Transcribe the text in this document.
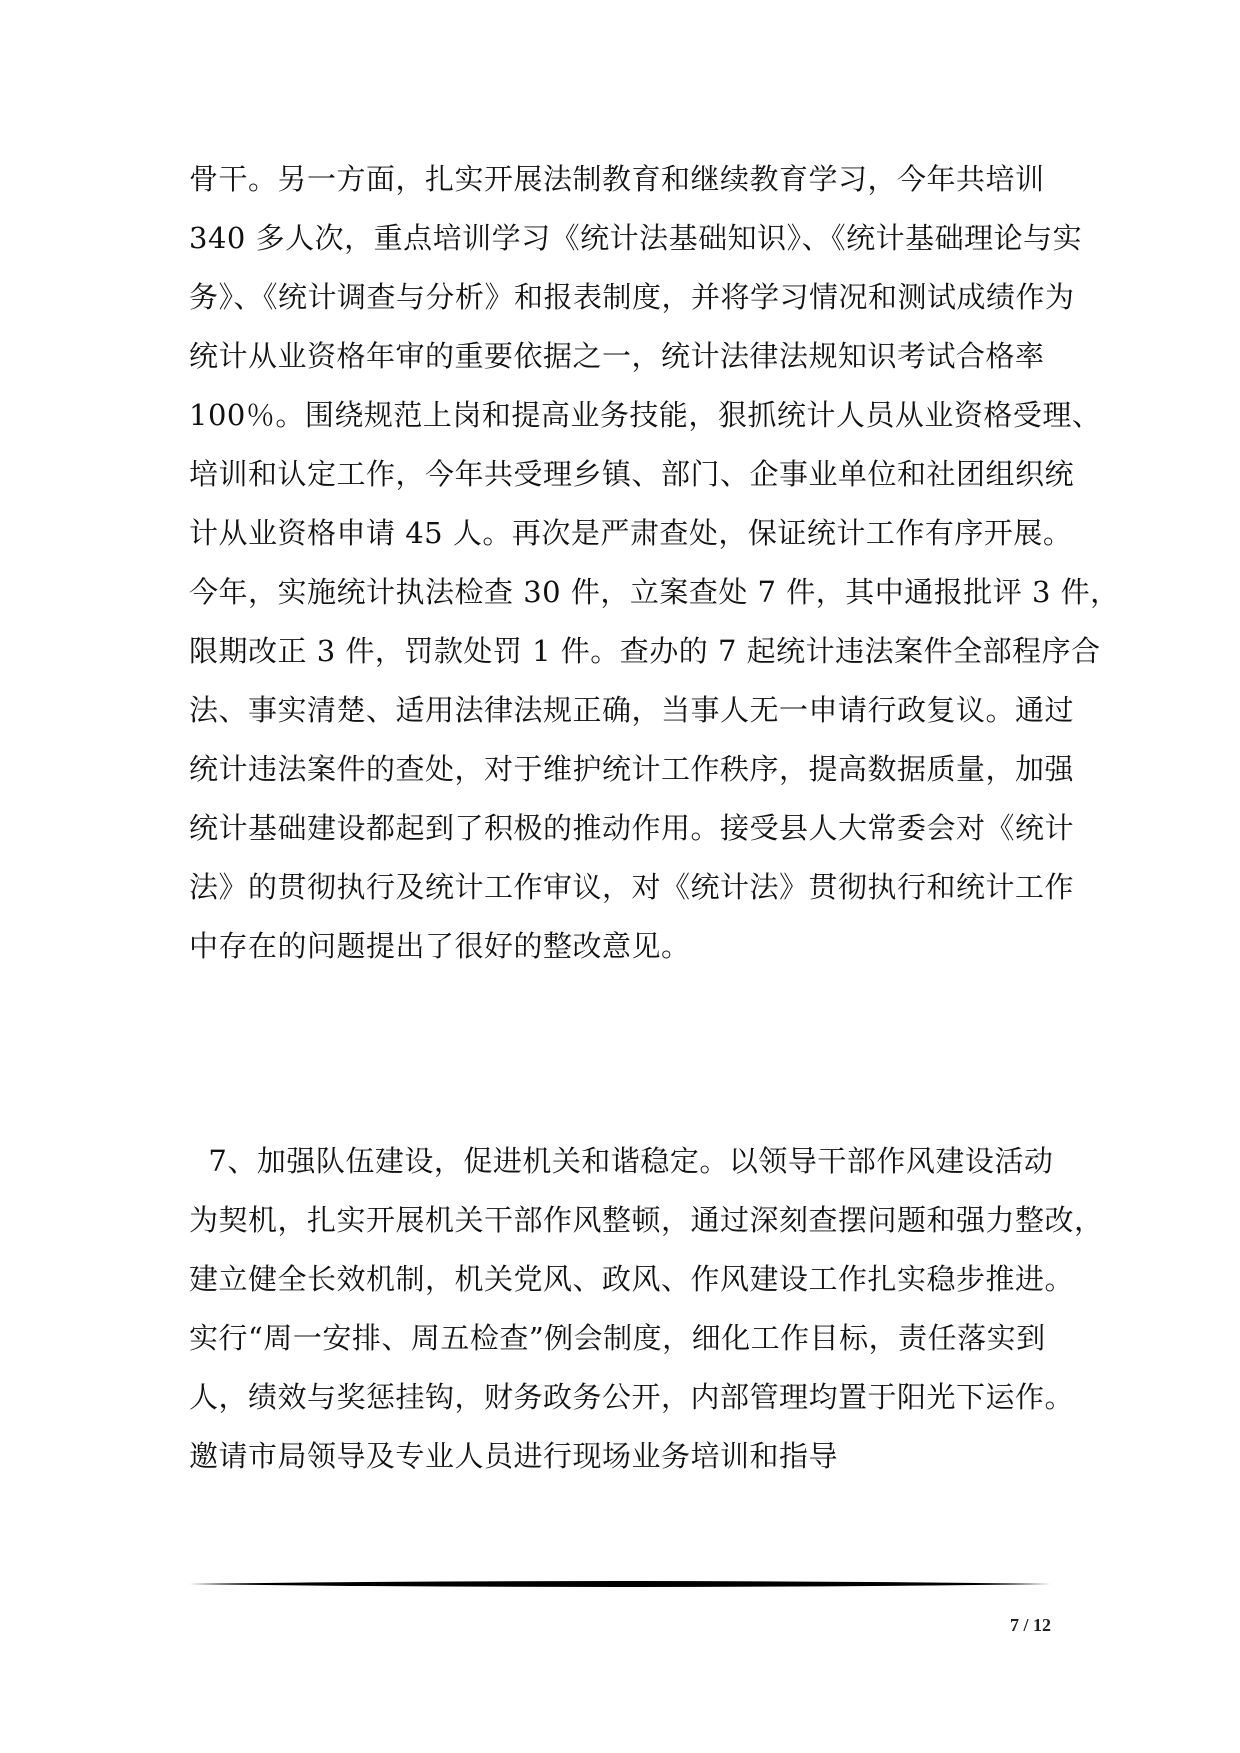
骨干。另一方面，扎实开展法制教育和继续教育学习，今年共培训
340 多人次，重点培训学习《统计法基础知识》、《统计基础理论与实
务》、《统计调查与分析》和报表制度，并将学习情况和测试成绩作为
统计从业资格年审的重要依据之一，统计法律法规知识考试合格率
100％。围绕规范上岗和提高业务技能，狠抓统计人员从业资格受理、
培训和认定工作，今年共受理乡镇、部门、企事业单位和社团组织统
计从业资格申请 45 人。再次是严肃查处，保证统计工作有序开展。
今年，实施统计执法检查 30 件，立案查处 7 件，其中通报批评 3 件，
限期改正 3 件，罚款处罚 1 件。查办的 7 起统计违法案件全部程序合
法、事实清楚、适用法律法规正确，当事人无一申请行政复议。通过
统计违法案件的查处，对于维护统计工作秩序，提高数据质量，加强
统计基础建设都起到了积极的推动作用。接受县人大常委会对《统计
法》的贯彻执行及统计工作审议，对《统计法》贯彻执行和统计工作
中存在的问题提出了很好的整改意见。
7、加强队伍建设，促进机关和谐稳定。以领导干部作风建设活动
为契机，扎实开展机关干部作风整顿，通过深刻查摆问题和强力整改，
建立健全长效机制，机关党风、政风、作风建设工作扎实稳步推进。
实行“周一安排、周五检查”例会制度，细化工作目标，责任落实到
人，绩效与奖惩挂钩，财务政务公开，内部管理均置于阳光下运作。
邀请市局领导及专业人员进行现场业务培训和指导
7 / 12
